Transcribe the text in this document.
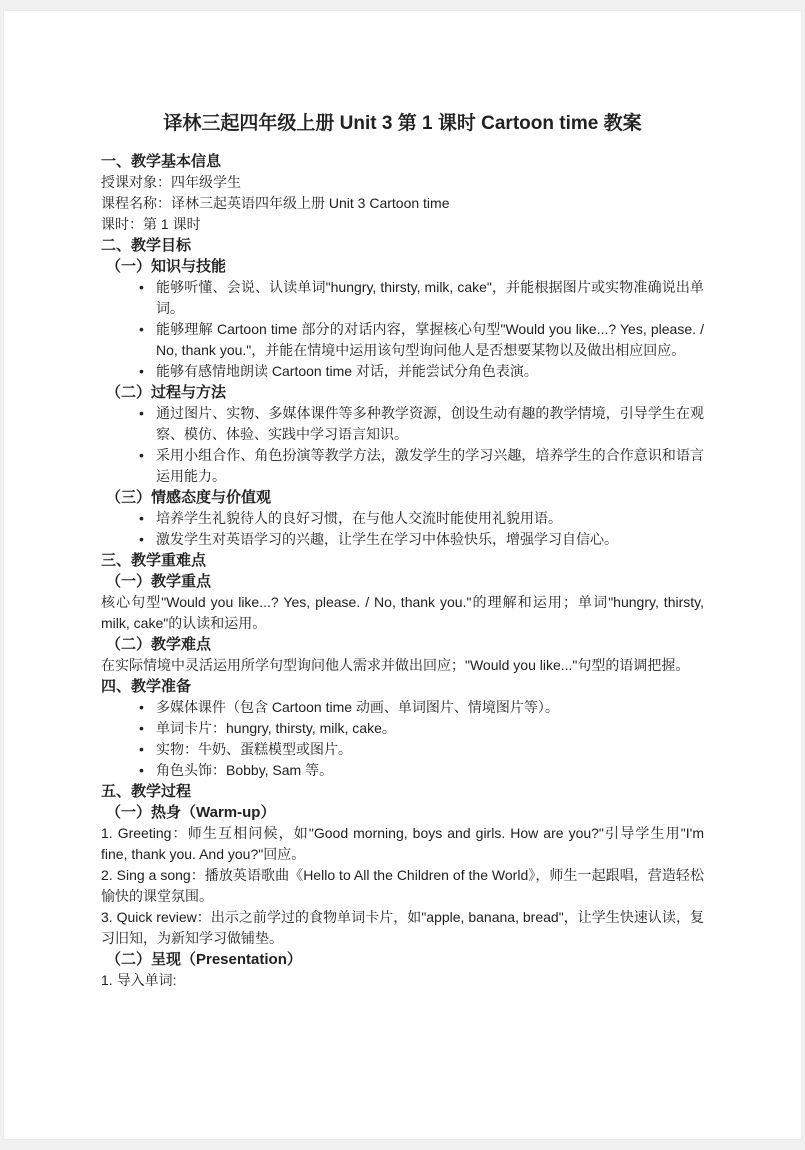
译林三起四年级上册 Unit 3 第 1 课时 Cartoon time 教案
一、教学基本信息
授课对象：四年级学生
课程名称：译林三起英语四年级上册 Unit 3 Cartoon time
课时：第 1 课时
二、教学目标
（一）知识与技能
• 能够听懂、会说、认读单词"hungry, thirsty, milk, cake"，并能根据图片或实物准确说出单词。
• 能够理解 Cartoon time 部分的对话内容，掌握核心句型"Would you like...? Yes, please. / No, thank you."，并能在情境中运用该句型询问他人是否想要某物以及做出相应回应。
• 能够有感情地朗读 Cartoon time 对话，并能尝试分角色表演。
（二）过程与方法
• 通过图片、实物、多媒体课件等多种教学资源，创设生动有趣的教学情境，引导学生在观察、模仿、体验、实践中学习语言知识。
• 采用小组合作、角色扮演等教学方法，激发学生的学习兴趣，培养学生的合作意识和语言运用能力。
（三）情感态度与价值观
• 培养学生礼貌待人的良好习惯，在与他人交流时能使用礼貌用语。
• 激发学生对英语学习的兴趣，让学生在学习中体验快乐，增强学习自信心。
三、教学重难点
（一）教学重点
核心句型"Would you like...? Yes, please. / No, thank you."的理解和运用；单词"hungry, thirsty, milk, cake"的认读和运用。
（二）教学难点
在实际情境中灵活运用所学句型询问他人需求并做出回应；"Would you like..."句型的语调把握。
四、教学准备
• 多媒体课件（包含 Cartoon time 动画、单词图片、情境图片等）。
• 单词卡片：hungry, thirsty, milk, cake。
• 实物：牛奶、蛋糕模型或图片。
• 角色头饰：Bobby, Sam 等。
五、教学过程
（一）热身（Warm-up）
1. Greeting：师生互相问候，如"Good morning, boys and girls. How are you?"引导学生用"I'm fine, thank you. And you?"回应。
2. Sing a song：播放英语歌曲《Hello to All the Children of the World》，师生一起跟唱，营造轻松愉快的课堂氛围。
3. Quick review：出示之前学过的食物单词卡片，如"apple, banana, bread"，让学生快速认读，复习旧知，为新知学习做铺垫。
（二）呈现（Presentation）
1. 导入单词:
